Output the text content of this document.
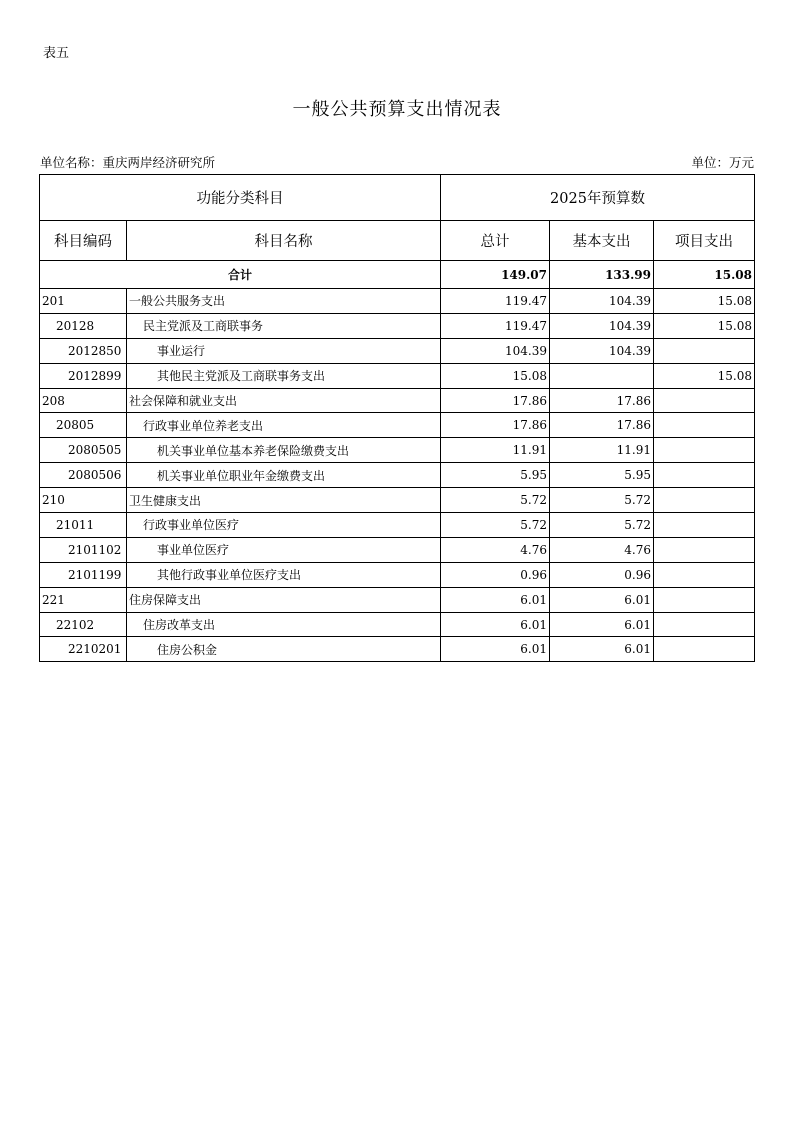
表五
一般公共预算支出情况表
单位名称：重庆两岸经济研究所	单位：万元
功能分类科目		2025年预算数		
科目编码	科目名称	总计	基本支出	项目支出
合计		149.07	133.99	15.08
201	一般公共服务支出	119.47	104.39	15.08
20128	民主党派及工商联事务	119.47	104.39	15.08
2012850	事业运行	104.39	104.39	
2012899	其他民主党派及工商联事务支出	15.08		15.08
208	社会保障和就业支出	17.86	17.86	
20805	行政事业单位养老支出	17.86	17.86	
2080505	机关事业单位基本养老保险缴费支出	11.91	11.91	
2080506	机关事业单位职业年金缴费支出	5.95	5.95	
210	卫生健康支出	5.72	5.72	
21011	行政事业单位医疗	5.72	5.72	
2101102	事业单位医疗	4.76	4.76	
2101199	其他行政事业单位医疗支出	0.96	0.96	
221	住房保障支出	6.01	6.01	
22102	住房改革支出	6.01	6.01	
2210201	住房公积金	6.01	6.01	
